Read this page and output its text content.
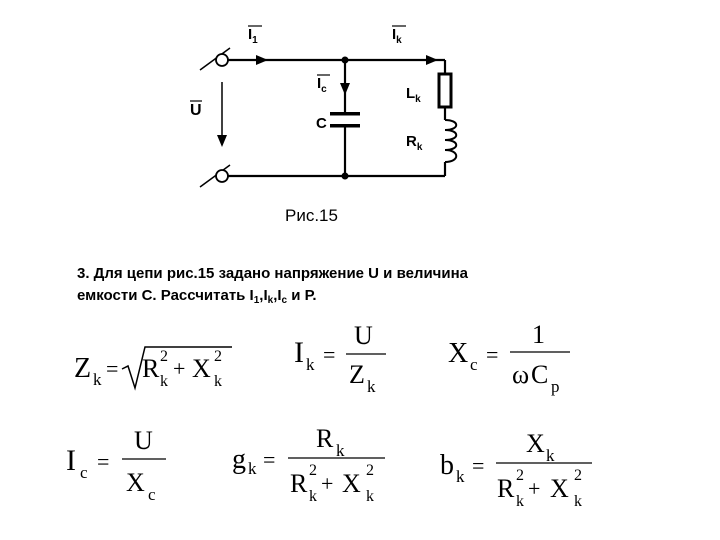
$I_1$	$I_k$
$I_c$
U
C
$L_k$
$R_k$
Рис.15
3. Для цепи рис.15 задано напряжение U и величина
емкости С. Рассчитать $I_1,I_k,I_c$ и Р.
Z k = R 2
k
+ X 2
k
I k =
U
Z k
X c =
1
ω C p
I c =
U
X c
g k =
R k
R 2
k
+ X 2
k
b k =
X k
R 2
k
+ X 2
k
